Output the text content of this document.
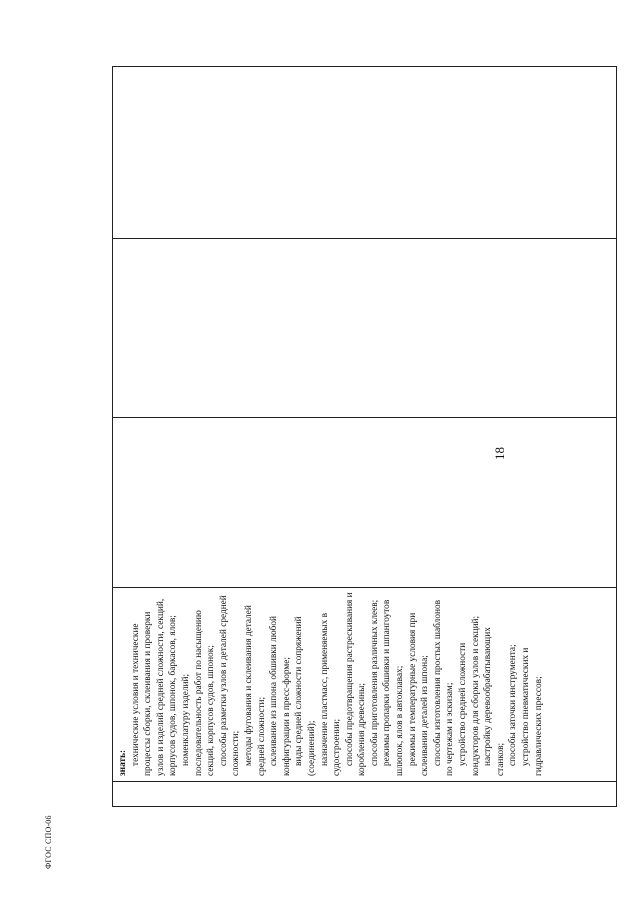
знать: технические условия и технические процессы сборки, склеивания и проверки узлов и изделий средней сложности, секций, корпусов судов, шпонок, баркасов, ялов; номенклатуру изделий; последовательность работ по насыщению секций, корпусов судов, шпонок; способы разметки узлов и деталей средней сложности; методы фугования и склеивания деталей средней сложности; склеивание из шпона обшивки любой конфигурации в пресс-форме; виды средней сложности сопряжений (соединений); назначение пластмасс, применяемых в судостроении; способы предотвращения растрескивания и коробления древесины; способы приготовления различных клеев; режимы пропарки обшивки и шпангоутов шлюпок, ялов в автоклавах; режимы и температурные условия при склеивании деталей из шпона; способы изготовления простых шаблонов по чертежам и эскизам; устройство средней сложности кондукторов для сборки узлов и секций; настройку деревообрабатывающих станков; способы заточки инструмента; устройство пневматических и гидравлических прессов;

18
ФГОС СПО-06
